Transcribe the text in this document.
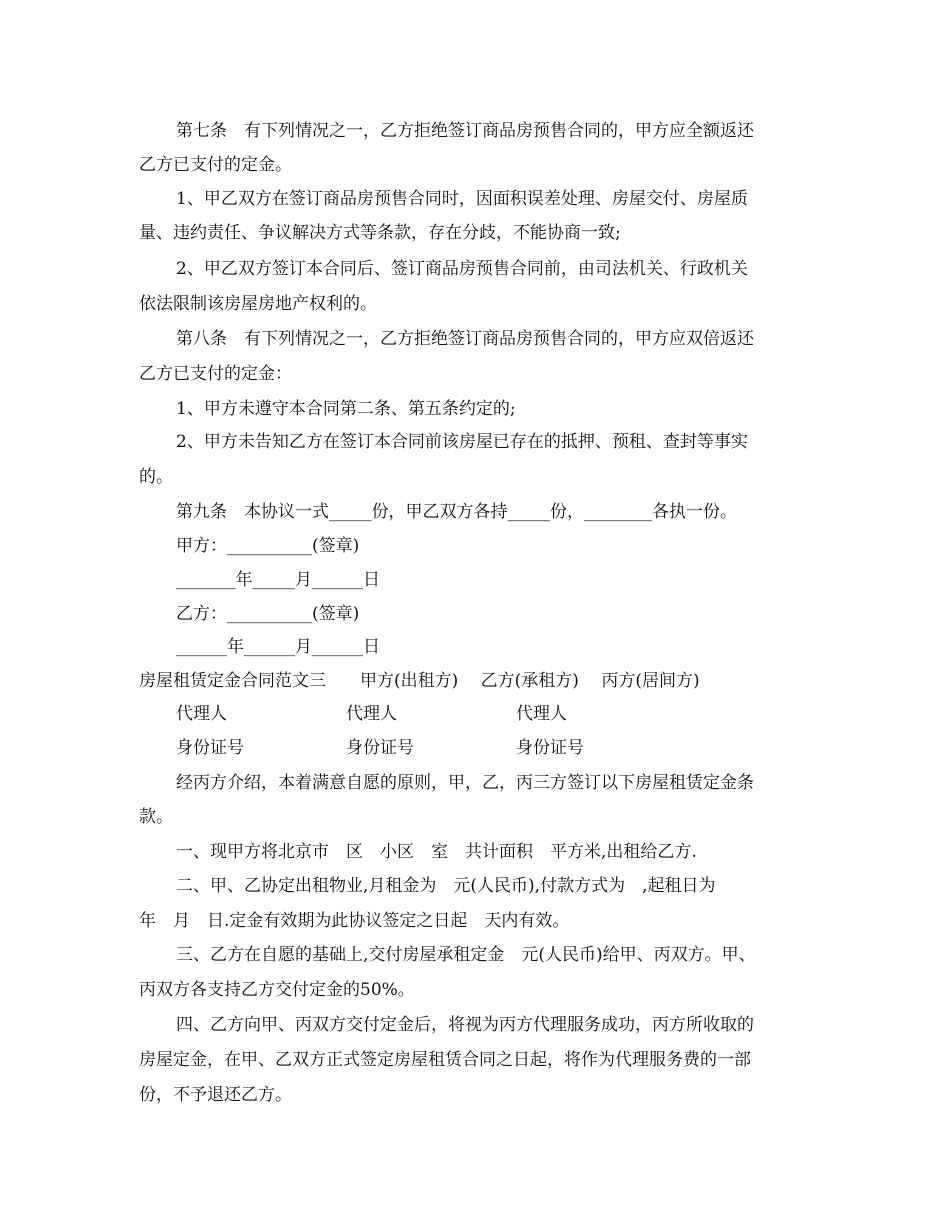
第七条　有下列情况之一，乙方拒绝签订商品房预售合同的，甲方应全额返还
乙方已支付的定金。
1、甲乙双方在签订商品房预售合同时，因面积误差处理、房屋交付、房屋质
量、违约责任、争议解决方式等条款，存在分歧，不能协商一致;
2、甲乙双方签订本合同后、签订商品房预售合同前，由司法机关、行政机关
依法限制该房屋房地产权利的。
第八条　有下列情况之一，乙方拒绝签订商品房预售合同的，甲方应双倍返还
乙方已支付的定金：
1、甲方未遵守本合同第二条、第五条约定的;
2、甲方未告知乙方在签订本合同前该房屋已存在的抵押、预租、查封等事实
的。
第九条　本协议一式_____份，甲乙双方各持_____份，________各执一份。
甲方：__________(签章)
_______年_____月______日
乙方：__________(签章)
______年______月______日
房屋租赁定金合同范文三　　甲方(出租方)　 乙方(承租方)　 丙方(居间方)
代理人　　　　　　　代理人　　　　　　　代理人
身份证号　　　　　　身份证号　　　　　　身份证号
经丙方介绍，本着满意自愿的原则，甲，乙，丙三方签订以下房屋租赁定金条
款。
一、现甲方将北京市　区　小区　室　共计面积　平方米,出租给乙方.
二、甲、乙协定出租物业,月租金为　元(人民币),付款方式为　,起租日为
年　月　日.定金有效期为此协议签定之日起　天内有效。
三、乙方在自愿的基础上,交付房屋承租定金　元(人民币)给甲、丙双方。甲、
丙双方各支持乙方交付定金的50%。
四、乙方向甲、丙双方交付定金后，将视为丙方代理服务成功，丙方所收取的
房屋定金，在甲、乙双方正式签定房屋租赁合同之日起，将作为代理服务费的一部
份，不予退还乙方。
